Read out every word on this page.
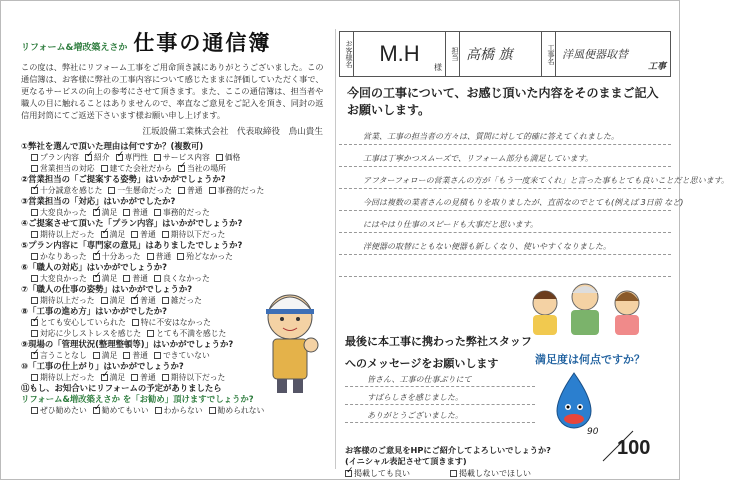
リフォーム&増改築えさか 仕事の通信簿
この度は、弊社にリフォーム工事をご用命頂き誠にありがとうございました。この通信簿は、お客様に弊社の工事内容について感じたままに評価していただく事で、更なるサービスの向上の参考にさせて頂きます。また、ここの通信簿は、担当者や職人の目に触れることはありませんので、率直なご意見をご記入を頂き、同封の返信用封筒にてご返送下さいます様お願い申し上げます。
江坂設備工業株式会社　代表取締役　鳥山貴生
①弊社を選んで頂いた理由は何ですか？(複数可)
プラン内容 ✓	紹介 ✓	専門性	サービス内容	価格
営業担当の対応	建てた会社だから ✓	当社の場所
②営業担当の「ご提案する姿勢」はいかがでしょうか?
✓十分誠意を感じた	一生懸命だった	普通	事務的だった
③営業担当の「対応」はいかがでしたか?
大変良かった ✓	満足	普通	事務的だった
④ご提案させて頂いた「プラン内容」はいかがでしょうか?
期待以上だった ✓	満足	普通	期待以下だった
⑤プラン内容に「専門家の意見」はありましたでしょうか?
かなりあった ✓	十分あった	普通	殆どなかった
⑥「職人の対応」はいかがでしょうか?
大変良かった ✓	満足	普通	良くなかった
⑦「職人の仕事の姿勢」はいかがでしょうか?
期待以上だった	満足 ✓	普通	雑だった
⑧「工事の進め方」はいかがでしたか?
✓とても安心していられた	特に不安はなかった
対応に少しストレスを感じた	とても不満を感じた
⑨現場の「管理状況(整理整頓等)」はいかがでしょうか?
✓言うことなし	満足	普通	できていない
⑩「工事の仕上がり」はいかがでしょうか?
期待以上だった ✓	満足	普通	期待以下だった
⑪もし、お知合いにリフォームの予定がありましたら
リフォーム&増改築えさか を「お勧め」頂けますでしょうか?
ぜひ勧めたい ✓	勧めてもいい	わからない	勧められない
お客様名 M.H
様
担当 高橋 旗	工事名 洋風便器取替
工事
今回の工事について、お感じ頂いた内容をそのままご記入お願いします。
営業、工事の担当者の方々は、質問に対して的確に答えてくれました。
工事は丁寧かつスムーズで、リフォーム部分も満足しています。
アフターフォローの営業さんの方が「もう一度来てくれ」と言った事もとても良いことだと思います。
今回は複数の業者さんの見積もりを取りましたが、直前なのでとても(例えば 3日前 など)
にはやはり仕事のスピードも大事だと思います。
洋便器の取替にともない便器も新しくなり、使いやすくなりました。
最後に本工事に携わった弊社スタッフへのメッセージをお願いします	満足度は何点ですか？
皆さん、工事の仕事ぶりにて
すばらしさを感じました。
ありがとうございました。
90
100
お客様のご意見をHPにご紹介してよろしいでしょうか?
(イニシャル表記させて頂きます)
✓掲載しても良い	掲載しないでほしい
